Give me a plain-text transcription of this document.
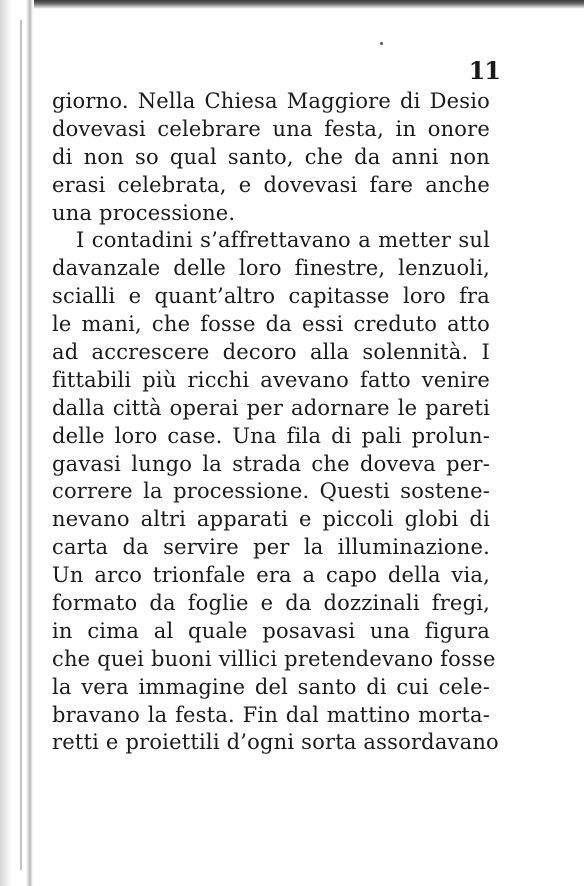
11
giorno. Nella Chiesa Maggiore di Desio
dovevasi celebrare una festa, in onore
di non so qual santo, che da anni non
erasi celebrata, e dovevasi fare anche
una processione.
I contadini s’affrettavano a metter sul
davanzale delle loro finestre, lenzuoli,
scialli e quant’altro capitasse loro fra
le mani, che fosse da essi creduto atto
ad accrescere decoro alla solennità. I
fittabili più ricchi avevano fatto venire
dalla città operai per adornare le pareti
delle loro case. Una fila di pali prolun-
gavasi lungo la strada che doveva per-
correre la processione. Questi sostene-
nevano altri apparati e piccoli globi di
carta da servire per la illuminazione.
Un arco trionfale era a capo della via,
formato da foglie e da dozzinali fregi,
in cima al quale posavasi una figura
che quei buoni villici pretendevano fosse
la vera immagine del santo di cui cele-
bravano la festa. Fin dal mattino morta-
retti e proiettili d’ogni sorta assordavano
